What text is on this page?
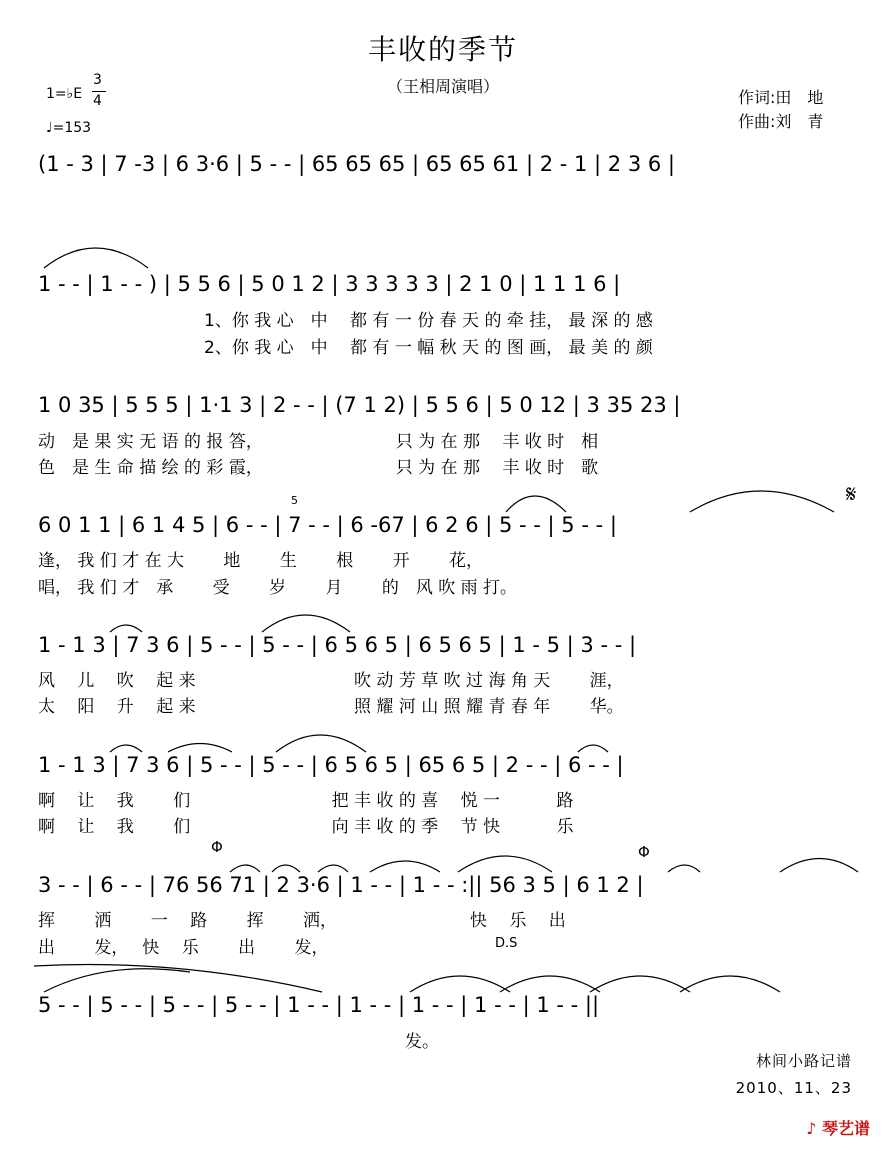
丰收的季节
（王相周演唱）
1=♭E
3
4
♩=153
作词:田　地
作曲:刘　青
(1 - 3 | 7 -3 | 6 3·6 | 5 - - | 65 65 65 | 65 65 61 | 2 - 1 | 2 3 6 |
1 - - | 1 - - ) | 5 5 6 | 5 0 1 2 | 3 3 3 3 3 | 2 1 0 | 1 1 1 6 |
1、你 我 心　中　 都 有 一 份 春 天 的 牵 挂， 最 深 的 感
2、你 我 心　中　 都 有 一 幅 秋 天 的 图 画， 最 美 的 颜
1 0 35 | 5 5 5 | 1·1 3 | 2 - - | (7 1 2) | 5 5 6 | 5 0 12 | 3 35 23 |
动　是 果 实 无 语 的 报 答，　　　　　　　　 只 为 在 那　 丰 收 时　相
色　是 生 命 描 绘 的 彩 霞，　　　　　　　　 只 为 在 那　 丰 收 时　歌
6 0 1 1 | 6 1 4 5 | 6 - - | 7 - - | 6 -67 | 6 2 6 | 5 - - | 5 - - |
逢， 我 们 才 在 大　　 地　　 生　　 根　　 开　　 花，
唱， 我 们 才　承　　 受　　 岁　　 月　　 的　风 吹 雨 打。
5	𝄋
1 - 1 3 | 7 3 6 | 5 - - | 5 - - | 6 5 6 5 | 6 5 6 5 | 1 - 5 | 3 - - |
风　 儿　 吹　 起 来　　　　　　　　　 吹 动 芳 草 吹 过 海 角 天　　 涯，
太　 阳　 升　 起 来　　　　　　　　　 照 耀 河 山 照 耀 青 春 年　　 华。
1 - 1 3 | 7 3 6 | 5 - - | 5 - - | 6 5 6 5 | 65 6 5 | 2 - - | 6 - - |
啊　 让　 我　　 们　　　　　　　　 把 丰 收 的 喜　 悦 一　　　 路
啊　 让　 我　　 们　　　　　　　　 向 丰 收 的 季　 节 快　　　 乐
3 - - | 6 - - | 76 56 71 | 2 3·6 | 1 - - | 1 - - :|| 56 3 5 | 6 1 2 |
挥　　 洒　　 一　 路　　 挥　　 洒，　　　　　　　　 快　 乐　 出
出　　 发，　 快　 乐　　 出　　 发，
Φ	Φ
D.S
5 - - | 5 - - | 5 - - | 5 - - | 1 - - | 1 - - | 1 - - | 1 - - | 1 - - ||
发。
林间小路记谱
2010、11、23
♪ 琴艺谱
